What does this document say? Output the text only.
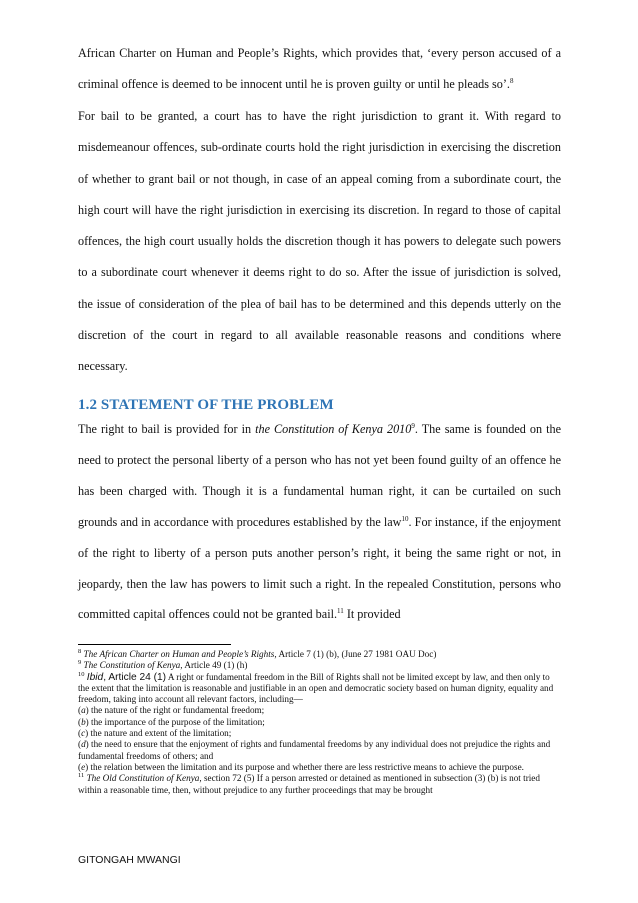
African Charter on Human and People’s Rights, which provides that, ‘every person accused of a criminal offence is deemed to be innocent until he is proven guilty or until he pleads so’.$^8$

For bail to be granted, a court has to have the right jurisdiction to grant it. With regard to misdemeanour offences, sub-ordinate courts hold the right jurisdiction in exercising the discretion of whether to grant bail or not though, in case of an appeal coming from a subordinate court, the high court will have the right jurisdiction in exercising its discretion. In regard to those of capital offences, the high court usually holds the discretion though it has powers to delegate such powers to a subordinate court whenever it deems right to do so. After the issue of jurisdiction is solved, the issue of consideration of the plea of bail has to be determined and this depends utterly on the discretion of the court in regard to all available reasonable reasons and conditions where necessary.

1.2 STATEMENT OF THE PROBLEM

The right to bail is provided for in the Constitution of Kenya 2010$^9$. The same is founded on the need to protect the personal liberty of a person who has not yet been found guilty of an offence he has been charged with. Though it is a fundamental human right, it can be curtailed on such grounds and in accordance with procedures established by the law$^{10}$. For instance, if the enjoyment of the right to liberty of a person puts another person’s right, it being the same right or not, in jeopardy, then the law has powers to limit such a right. In the repealed Constitution, persons who committed capital offences could not be granted bail.$^{11}$ It provided

$^8$ The African Charter on Human and People’s Rights, Article 7 (1) (b), (June 27 1981 OAU Doc)

$^9$ The Constitution of Kenya, Article 49 (1) (h)

$^{10}$ Ibid, Article 24 (1) A right or fundamental freedom in the Bill of Rights shall not be limited except by law, and then only to the extent that the limitation is reasonable and justifiable in an open and democratic society based on human dignity, equality and freedom, taking into account all relevant factors, including—

(a) the nature of the right or fundamental freedom;

(b) the importance of the purpose of the limitation;

(c) the nature and extent of the limitation;

(d) the need to ensure that the enjoyment of rights and fundamental freedoms by any individual does not prejudice the rights and fundamental freedoms of others; and

(e) the relation between the limitation and its purpose and whether there are less restrictive means to achieve the purpose.

$^{11}$ The Old Constitution of Kenya, section 72 (5) If a person arrested or detained as mentioned in subsection (3) (b) is not tried within a reasonable time, then, without prejudice to any further proceedings that may be brought

GITONGAH MWANGI
